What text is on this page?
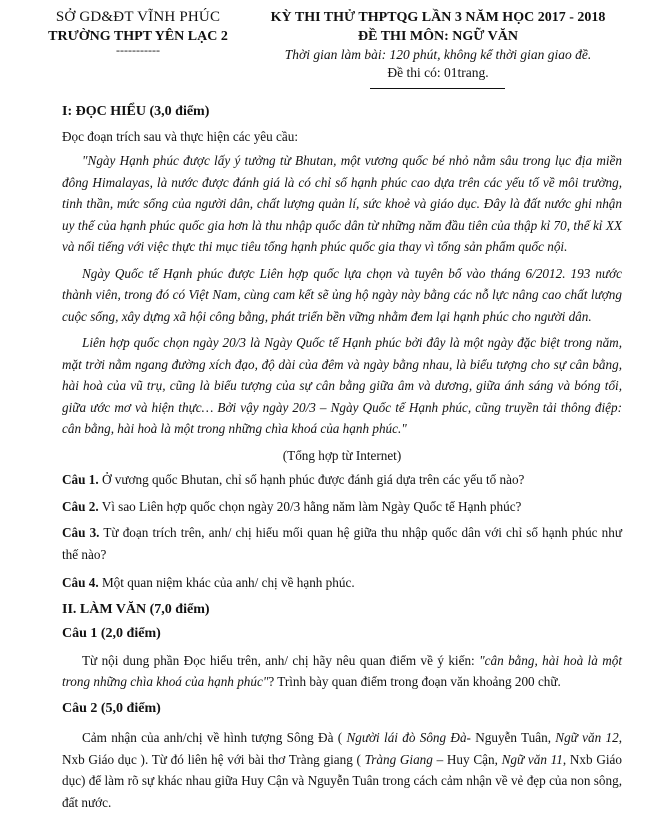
SỞ GD&ĐT VĨNH PHÚC
TRƯỜNG THPT YÊN LẠC 2
-----------
KỲ THI THỬ THPTQG LẦN 3 NĂM HỌC 2017 - 2018
ĐỀ THI MÔN: NGỮ VĂN
Thời gian làm bài: 120 phút, không kể thời gian giao đề.
Đề thi có: 01trang.

I: ĐỌC HIỂU (3,0 điểm)

Đọc đoạn trích sau và thực hiện các yêu cầu:

"Ngày Hạnh phúc được lấy ý tưởng từ Bhutan, một vương quốc bé nhỏ nằm sâu trong lục địa miền đông Himalayas, là nước được đánh giá là có chỉ số hạnh phúc cao dựa trên các yếu tố về môi trường, tinh thần, mức sống của người dân, chất lượng quản lí, sức khoẻ và giáo dục. Đây là đất nước ghi nhận uy thế của hạnh phúc quốc gia hơn là thu nhập quốc dân từ những năm đầu tiên của thập kỉ 70, thế kỉ XX và nổi tiếng với việc thực thi mục tiêu tổng hạnh phúc quốc gia thay vì tổng sản phẩm quốc nội.

Ngày Quốc tế Hạnh phúc được Liên hợp quốc lựa chọn và tuyên bố vào tháng 6/2012. 193 nước thành viên, trong đó có Việt Nam, cùng cam kết sẽ ủng hộ ngày này bằng các nỗ lực nâng cao chất lượng cuộc sống, xây dựng xã hội công bằng, phát triển bền vững nhằm đem lại hạnh phúc cho người dân.

Liên hợp quốc chọn ngày 20/3 là Ngày Quốc tế Hạnh phúc bởi đây là một ngày đặc biệt trong năm, mặt trời nằm ngang đường xích đạo, độ dài của đêm và ngày bằng nhau, là biểu tượng cho sự cân bằng, hài hoà của vũ trụ, cũng là biểu tượng của sự cân bằng giữa âm và dương, giữa ánh sáng và bóng tối, giữa ước mơ và hiện thực… Bởi vậy ngày 20/3 – Ngày Quốc tế Hạnh phúc, cũng truyền tải thông điệp: cân bằng, hài hoà là một trong những chìa khoá của hạnh phúc."

(Tổng hợp từ Internet)

Câu 1. Ở vương quốc Bhutan, chỉ số hạnh phúc được đánh giá dựa trên các yếu tố nào?

Câu 2. Vì sao Liên hợp quốc chọn ngày 20/3 hằng năm làm Ngày Quốc tế Hạnh phúc?

Câu 3. Từ đoạn trích trên, anh/ chị hiểu mối quan hệ giữa thu nhập quốc dân với chỉ số hạnh phúc như thế nào?

Câu 4. Một quan niệm khác của anh/ chị về hạnh phúc.

II. LÀM VĂN (7,0 điểm)

Câu 1 (2,0 điểm)

Từ nội dung phần Đọc hiểu trên, anh/ chị hãy nêu quan điểm về ý kiến: "cân bằng, hài hoà là một trong những chìa khoá của hạnh phúc"? Trình bày quan điểm trong đoạn văn khoảng 200 chữ.

Câu 2 (5,0 điểm)

Cảm nhận của anh/chị về hình tượng Sông Đà ( Người lái đò Sông Đà- Nguyễn Tuân, Ngữ văn 12, Nxb Giáo dục ). Từ đó liên hệ với bài thơ Tràng giang ( Tràng Giang – Huy Cận, Ngữ văn 11, Nxb Giáo dục) để làm rõ sự khác nhau giữa Huy Cận và Nguyễn Tuân trong cách cảm nhận về vẻ đẹp của non sông, đất nước.
